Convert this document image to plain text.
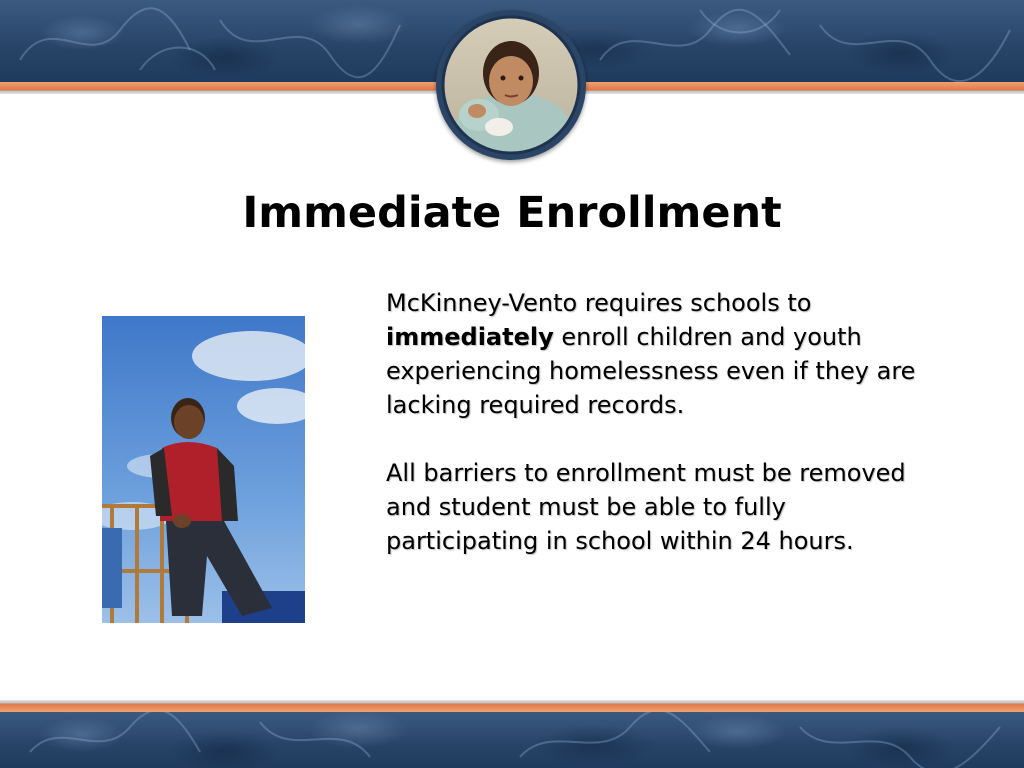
Immediate Enrollment

McKinney-Vento requires schools to immediately enroll children and youth experiencing homelessness even if they are lacking required records.

All barriers to enrollment must be removed and student must be able to fully participating in school within 24 hours.
